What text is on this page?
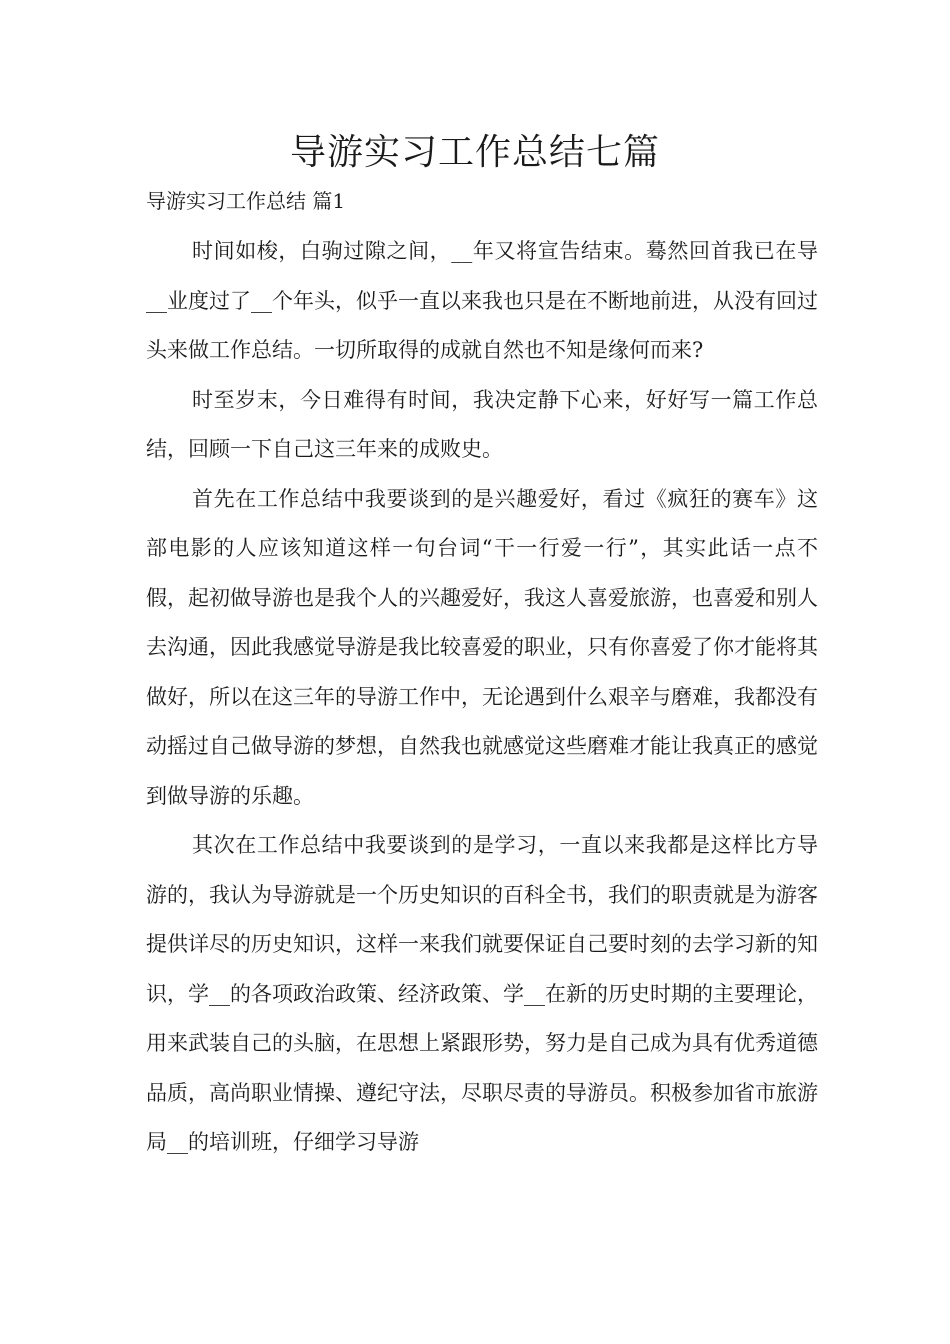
导游实习工作总结七篇
导游实习工作总结 篇1

时间如梭，白驹过隙之间，__年又将宣告结束。蓦然回首我已在导__业度过了__个年头，似乎一直以来我也只是在不断地前进，从没有回过头来做工作总结。一切所取得的成就自然也不知是缘何而来?

时至岁末，今日难得有时间，我决定静下心来，好好写一篇工作总结，回顾一下自己这三年来的成败史。

首先在工作总结中我要谈到的是兴趣爱好，看过《疯狂的赛车》这部电影的人应该知道这样一句台词“干一行爱一行”，其实此话一点不假，起初做导游也是我个人的兴趣爱好，我这人喜爱旅游，也喜爱和别人去沟通，因此我感觉导游是我比较喜爱的职业，只有你喜爱了你才能将其做好，所以在这三年的导游工作中，无论遇到什么艰辛与磨难，我都没有动摇过自己做导游的梦想，自然我也就感觉这些磨难才能让我真正的感觉到做导游的乐趣。

其次在工作总结中我要谈到的是学习，一直以来我都是这样比方导游的，我认为导游就是一个历史知识的百科全书，我们的职责就是为游客提供详尽的历史知识，这样一来我们就要保证自己要时刻的去学习新的知识，学__的各项政治政策、经济政策、学__在新的历史时期的主要理论，用来武装自己的头脑，在思想上紧跟形势，努力是自己成为具有优秀道德品质，高尚职业情操、遵纪守法，尽职尽责的导游员。积极参加省市旅游局__的培训班，仔细学习导游
